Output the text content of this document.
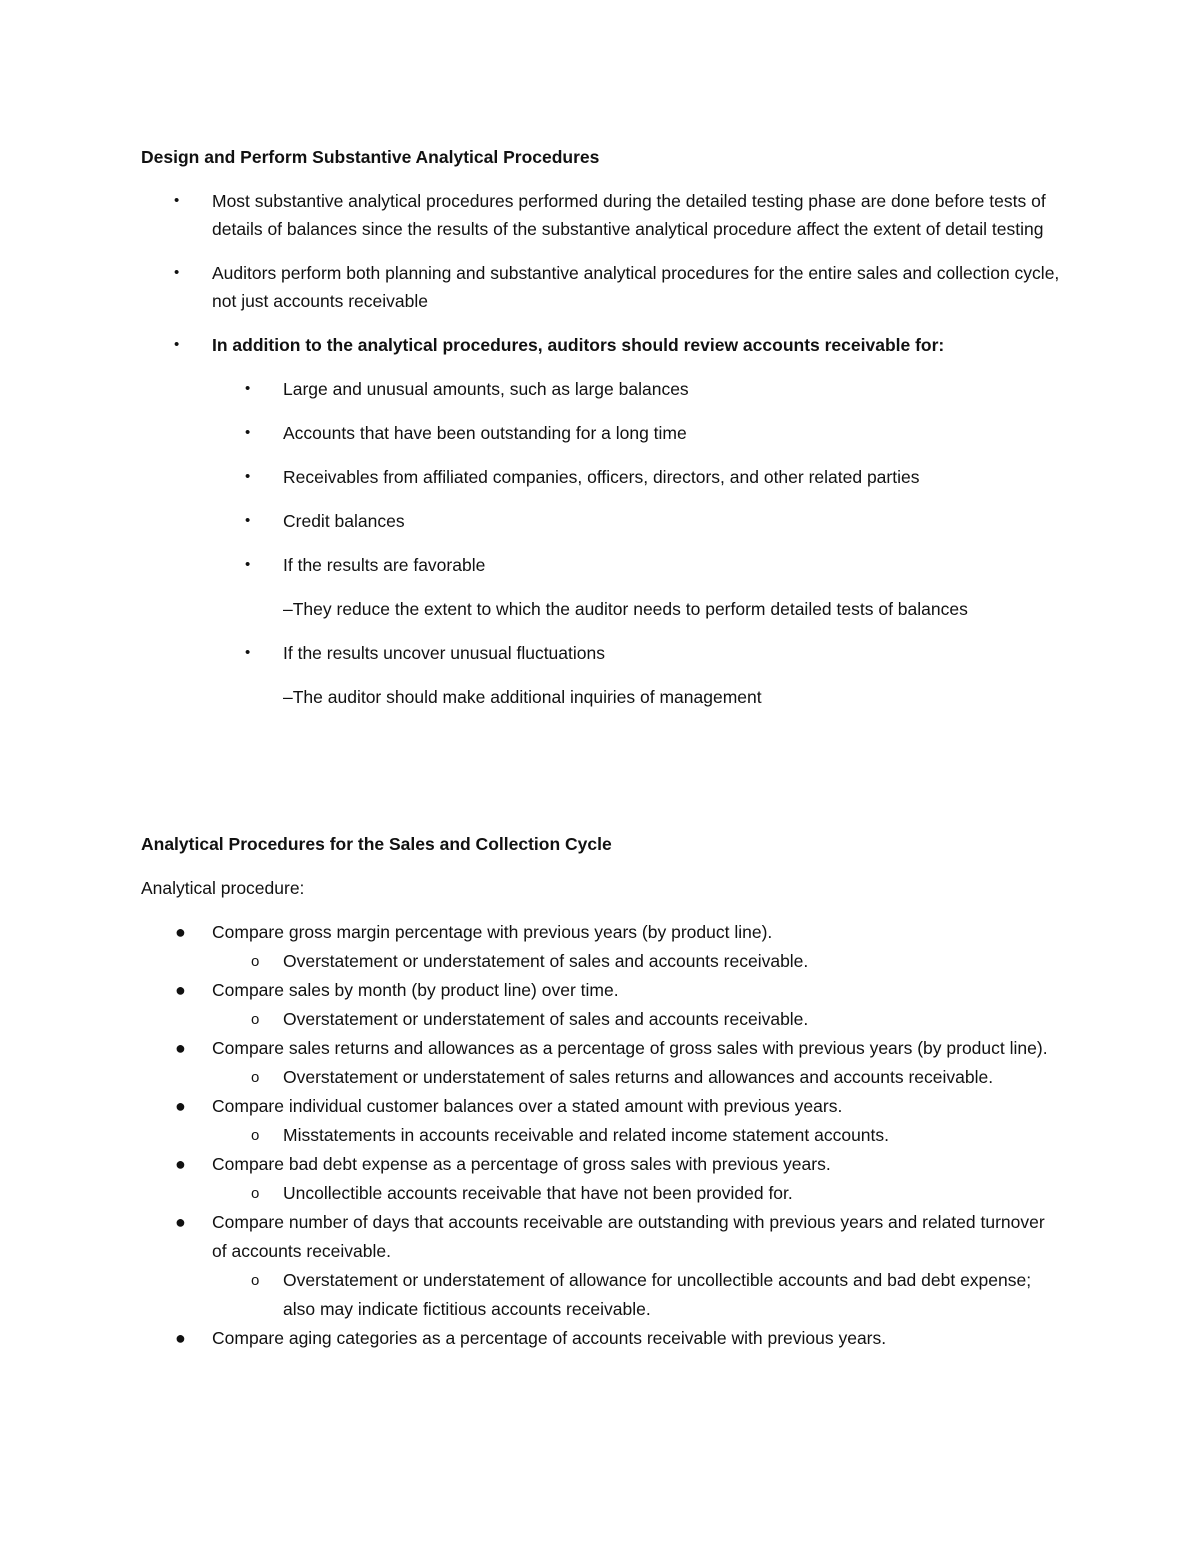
Design and Perform Substantive Analytical Procedures

• Most substantive analytical procedures performed during the detailed testing phase are done before tests of details of balances since the results of the substantive analytical procedure affect the extent of detail testing
• Auditors perform both planning and substantive analytical procedures for the entire sales and collection cycle, not just accounts receivable
• In addition to the analytical procedures, auditors should review accounts receivable for:
• Large and unusual amounts, such as large balances
• Accounts that have been outstanding for a long time
• Receivables from affiliated companies, officers, directors, and other related parties
• Credit balances
• If the results are favorable
–They reduce the extent to which the auditor needs to perform detailed tests of balances
• If the results uncover unusual fluctuations
–The auditor should make additional inquiries of management

Analytical Procedures for the Sales and Collection Cycle

Analytical procedure:
● Compare gross margin percentage with previous years (by product line).
o Overstatement or understatement of sales and accounts receivable.
● Compare sales by month (by product line) over time.
o Overstatement or understatement of sales and accounts receivable.
● Compare sales returns and allowances as a percentage of gross sales with previous years (by product line).
o Overstatement or understatement of sales returns and allowances and accounts receivable.
● Compare individual customer balances over a stated amount with previous years.
o Misstatements in accounts receivable and related income statement accounts.
● Compare bad debt expense as a percentage of gross sales with previous years.
o Uncollectible accounts receivable that have not been provided for.
● Compare number of days that accounts receivable are outstanding with previous years and related turnover of accounts receivable.
o Overstatement or understatement of allowance for uncollectible accounts and bad debt expense; also may indicate fictitious accounts receivable.
● Compare aging categories as a percentage of accounts receivable with previous years.
